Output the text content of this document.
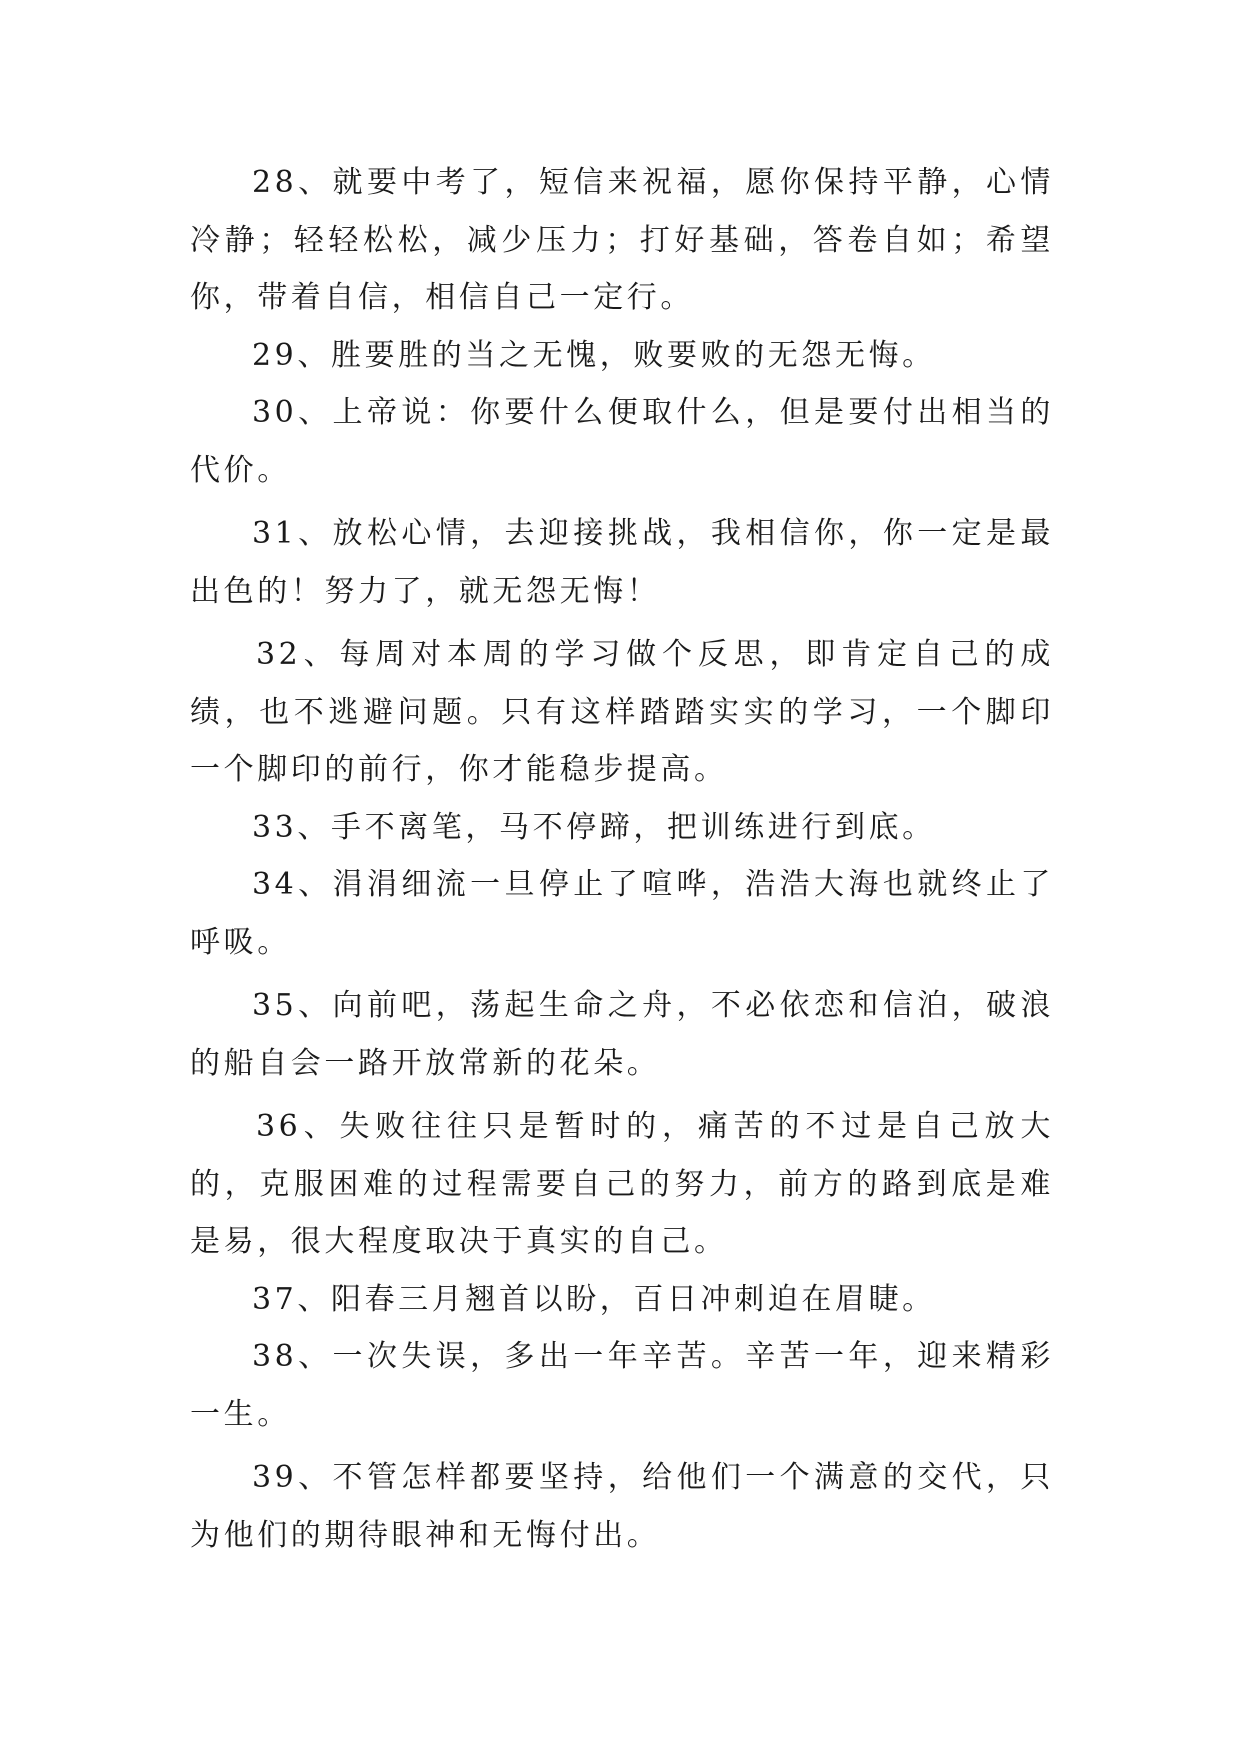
28、就要中考了，短信来祝福，愿你保持平静，心情冷静；轻轻松松，减少压力；打好基础，答卷自如；希望你，带着自信，相信自己一定行。

29、胜要胜的当之无愧，败要败的无怨无悔。

30、上帝说：你要什么便取什么，但是要付出相当的代价。

31、放松心情，去迎接挑战，我相信你，你一定是最出色的！努力了，就无怨无悔！

32、每周对本周的学习做个反思，即肯定自己的成绩，也不逃避问题。只有这样踏踏实实的学习，一个脚印一个脚印的前行，你才能稳步提高。

33、手不离笔，马不停蹄，把训练进行到底。

34、涓涓细流一旦停止了喧哗，浩浩大海也就终止了呼吸。

35、向前吧，荡起生命之舟，不必依恋和信泊，破浪的船自会一路开放常新的花朵。

36、失败往往只是暂时的，痛苦的不过是自己放大的，克服困难的过程需要自己的努力，前方的路到底是难是易，很大程度取决于真实的自己。

37、阳春三月翘首以盼，百日冲刺迫在眉睫。

38、一次失误，多出一年辛苦。辛苦一年，迎来精彩一生。

39、不管怎样都要坚持，给他们一个满意的交代，只为他们的期待眼神和无悔付出。
